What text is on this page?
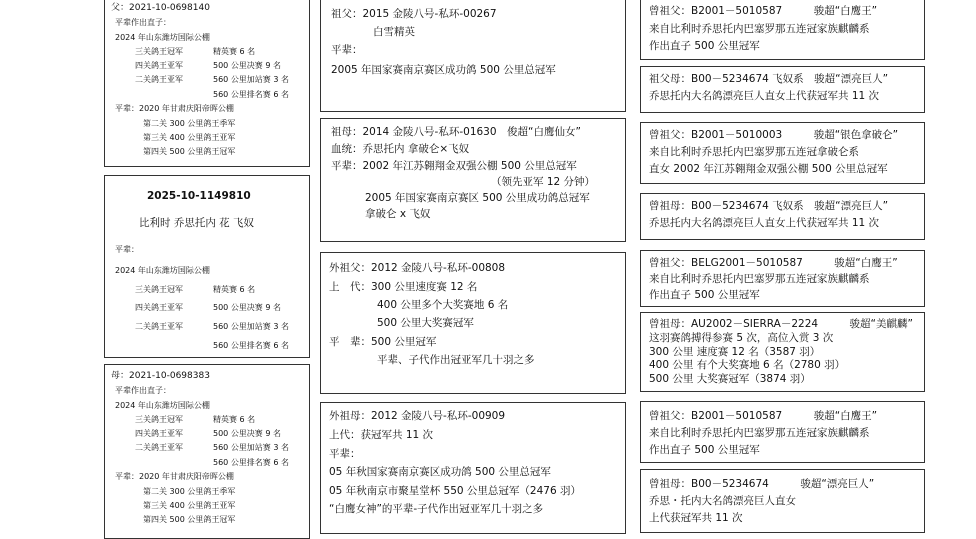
父：2021-10-0698140
平辈作出直子：
2024 年山东潍坊国际公棚
三关鸽王冠军	精英赛 6 名
四关鸽王亚军	500 公里决赛 9 名
二关鸽王亚军	560 公里加站赛 3 名
560 公里排名赛 6 名
平辈：2020 年甘肃庆阳帝晖公棚
第二关 300 公里鸽王季军
第三关 400 公里鸽王亚军
第四关 500 公里鸽王冠军
2025-10-1149810
比利时 乔思托内 花 飞奴
平辈：
2024 年山东潍坊国际公棚
三关鸽王冠军	精英赛 6 名
四关鸽王亚军	500 公里决赛 9 名
二关鸽王亚军	560 公里加站赛 3 名
560 公里排名赛 6 名
母：2021-10-0698383
平辈作出直子：
2024 年山东潍坊国际公棚
三关鸽王冠军	精英赛 6 名
四关鸽王亚军	500 公里决赛 9 名
二关鸽王亚军	560 公里加站赛 3 名
560 公里排名赛 6 名
平辈：2020 年甘肃庆阳帝晖公棚
第二关 300 公里鸽王季军
第三关 400 公里鸽王亚军
第四关 500 公里鸽王冠军
祖父：2015 金陵八号-私环-00267
白雪精英
平辈：
2005 年国家赛南京赛区成功鸽 500 公里总冠军
祖母：2014 金陵八号-私环-01630　俊超“白鹰仙女”
血统：乔思托内 拿破仑×飞奴
平辈：2002 年江苏翱翔金双强公棚 500 公里总冠军
（领先亚军 12 分钟）
2005 年国家赛南京赛区 500 公里成功鸽总冠军
拿破仑 x 飞奴
外祖父：2012 金陵八号-私环-00808
上　代：300 公里速度赛 12 名
400 公里多个大奖赛地 6 名
500 公里大奖赛冠军
平　辈：500 公里冠军
平辈、子代作出冠亚军几十羽之多
外祖母：2012 金陵八号-私环-00909
上代：获冠军共 11 次
平辈：
05 年秋国家赛南京赛区成功鸽 500 公里总冠军
05 年秋南京市聚星堂杯 550 公里总冠军（2476 羽）
“白鹰女神”的平辈-子代作出冠亚军几十羽之多
曾祖父：B2001－5010587　　　骏超“白鹰王”
来自比利时乔思托内巴塞罗那五连冠家族麒麟系
作出直子 500 公里冠军
祖父母：B00－5234674 飞奴系　骏超“漂亮巨人”
乔思托内大名鸽漂亮巨人直女上代获冠军共 11 次
曾祖父：B2001－5010003　　　骏超“银色拿破仑”
来自比利时乔思托内巴塞罗那五连冠拿破仑系
直女 2002 年江苏翱翔金双强公棚 500 公里总冠军
曾祖母：B00－5234674 飞奴系　骏超“漂亮巨人”
乔思托内大名鸽漂亮巨人直女上代获冠军共 11 次
曾祖父：BELG2001－5010587　　　骏超“白鹰王”
来自比利时乔思托内巴塞罗那五连冠家族麒麟系
作出直子 500 公里冠军
曾祖母：AU2002－SIERRA－2224　　　骏超“美麒麟”
这羽赛鸽搏得参赛 5 次，高位入赏 3 次
300 公里 速度赛 12 名（3587 羽）
400 公里 有个大奖赛地 6 名（2780 羽）
500 公里 大奖赛冠军（3874 羽）
曾祖父：B2001－5010587　　　骏超“白鹰王”
来自比利时乔思托内巴塞罗那五连冠家族麒麟系
作出直子 500 公里冠军
曾祖母：B00－5234674　　　骏超“漂亮巨人”
乔思・托内大名鸽漂亮巨人直女
上代获冠军共 11 次
